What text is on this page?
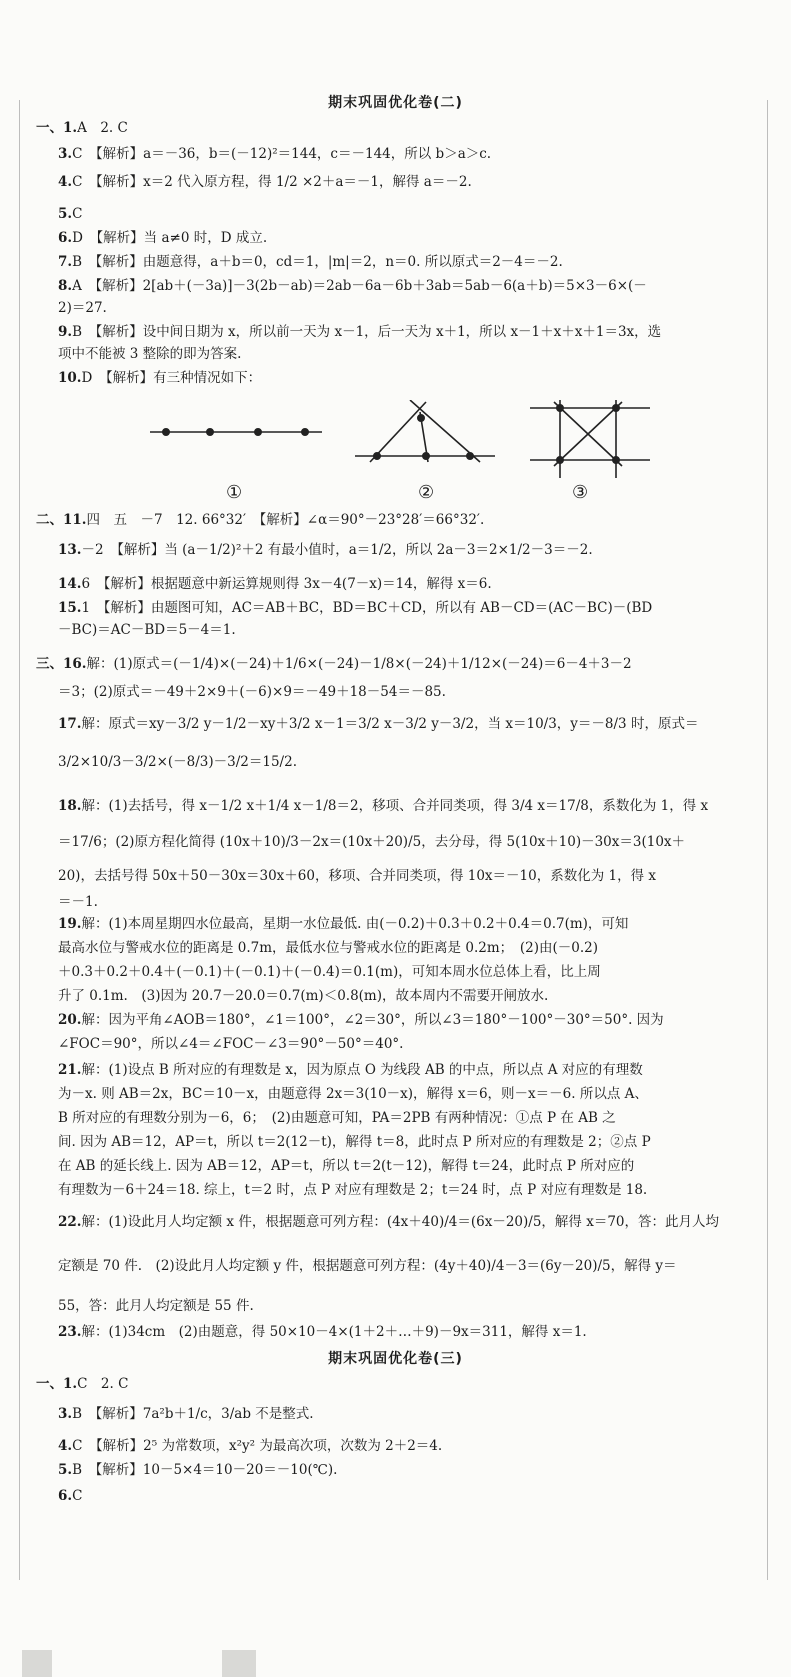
期末巩固优化卷(二)
一、1.A　2. C
3.C　【解析】a＝－36，b＝(－12)²＝144，c＝－144，所以 b＞a＞c.
4.C　【解析】x＝2 代入原方程，得 1/2 ×2＋a＝－1，解得 a＝－2.
5.C
6.D　【解析】当 a≠0 时，D 成立.
7.B　【解析】由题意得，a＋b＝0，cd＝1，|m|＝2，n＝0. 所以原式＝2－4＝－2.
8.A　【解析】2[ab＋(－3a)]－3(2b－ab)＝2ab－6a－6b＋3ab＝5ab－6(a＋b)＝5×3－6×(－
2)＝27.
9.B　【解析】设中间日期为 x，所以前一天为 x－1，后一天为 x＋1，所以 x－1＋x＋x＋1＝3x，选
项中不能被 3 整除的即为答案.
10.D　【解析】有三种情况如下：
①	②	③
二、11.四　五　－7　12. 66°32′　【解析】∠α＝90°－23°28′＝66°32′.
13.－2　【解析】当 (a－1/2)²＋2 有最小值时，a＝1/2，所以 2a－3＝2×1/2－3＝－2.
14.6　【解析】根据题意中新运算规则得 3x－4(7－x)＝14，解得 x＝6.
15.1　【解析】由题图可知，AC＝AB＋BC，BD＝BC＋CD，所以有 AB－CD＝(AC－BC)－(BD
－BC)＝AC－BD＝5－4＝1.
三、16.解：(1)原式＝(－1/4)×(－24)＋1/6×(－24)－1/8×(－24)＋1/12×(－24)＝6－4＋3－2
＝3；(2)原式＝－49＋2×9＋(－6)×9＝－49＋18－54＝－85.
17.解：原式＝xy－3/2 y－1/2－xy＋3/2 x－1＝3/2 x－3/2 y－3/2，当 x＝10/3，y＝－8/3 时，原式＝
3/2×10/3－3/2×(－8/3)－3/2＝15/2.
18.解：(1)去括号，得 x－1/2 x＋1/4 x－1/8＝2，移项、合并同类项，得 3/4 x＝17/8，系数化为 1，得 x
＝17/6；(2)原方程化简得 (10x＋10)/3－2x＝(10x＋20)/5，去分母，得 5(10x＋10)－30x＝3(10x＋
20)，去括号得 50x＋50－30x＝30x＋60，移项、合并同类项，得 10x＝－10，系数化为 1，得 x
＝－1.
19.解：(1)本周星期四水位最高，星期一水位最低. 由(－0.2)＋0.3＋0.2＋0.4＝0.7(m)，可知
最高水位与警戒水位的距离是 0.7m，最低水位与警戒水位的距离是 0.2m；　(2)由(－0.2)
＋0.3＋0.2＋0.4＋(－0.1)＋(－0.1)＋(－0.4)＝0.1(m)，可知本周水位总体上看，比上周
升了 0.1m.　(3)因为 20.7－20.0＝0.7(m)＜0.8(m)，故本周内不需要开闸放水.
20.解：因为平角∠AOB＝180°，∠1＝100°，∠2＝30°，所以∠3＝180°－100°－30°＝50°. 因为
∠FOC＝90°，所以∠4＝∠FOC－∠3＝90°－50°＝40°.
21.解：(1)设点 B 所对应的有理数是 x，因为原点 O 为线段 AB 的中点，所以点 A 对应的有理数
为－x. 则 AB＝2x，BC＝10－x，由题意得 2x＝3(10－x)，解得 x＝6，则－x＝－6. 所以点 A、
B 所对应的有理数分别为－6，6；　(2)由题意可知，PA＝2PB 有两种情况：①点 P 在 AB 之
间. 因为 AB＝12，AP＝t，所以 t＝2(12－t)，解得 t＝8，此时点 P 所对应的有理数是 2；②点 P
在 AB 的延长线上. 因为 AB＝12，AP＝t，所以 t＝2(t－12)，解得 t＝24，此时点 P 所对应的
有理数为－6＋24＝18. 综上，t＝2 时，点 P 对应有理数是 2；t＝24 时，点 P 对应有理数是 18.
22.解：(1)设此月人均定额 x 件，根据题意可列方程：(4x＋40)/4＝(6x－20)/5，解得 x＝70，答：此月人均
定额是 70 件.　(2)设此月人均定额 y 件，根据题意可列方程：(4y＋40)/4－3＝(6y－20)/5，解得 y＝
55，答：此月人均定额是 55 件.
23.解：(1)34cm　(2)由题意，得 50×10－4×(1＋2＋…＋9)－9x＝311，解得 x＝1.
期末巩固优化卷(三)
一、1.C　2. C
3.B　【解析】7a²b＋1/c，3/ab 不是整式.
4.C　【解析】2⁵ 为常数项，x²y² 为最高次项，次数为 2＋2＝4.
5.B　【解析】10－5×4＝10－20＝－10(℃).
6.C
